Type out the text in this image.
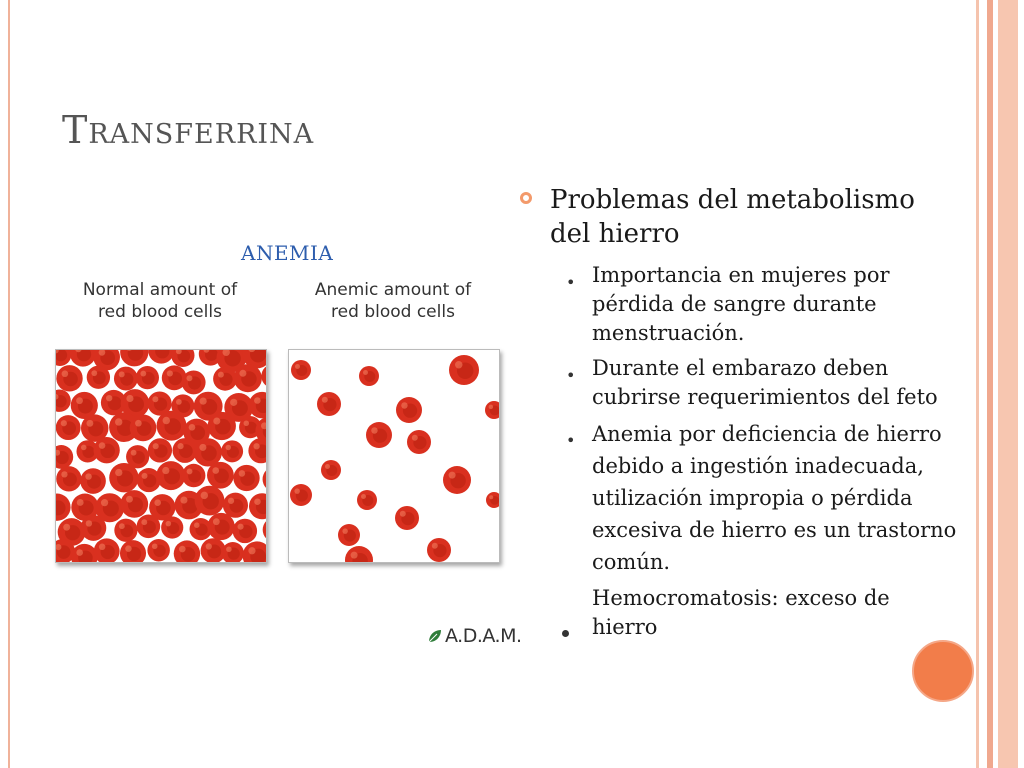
Transferrina
ANEMIA
Normal amount of
red blood cells
Anemic amount of
red blood cells
A.D.A.M.
Problemas del metabolismo del hierro
• Importancia en mujeres por pérdida de sangre durante menstruación.
• Durante el embarazo deben cubrirse requerimientos del feto
• Anemia por deficiencia de hierro debido a ingestión inadecuada, utilización impropia o pérdida excesiva de hierro es un trastorno común.
Hemocromatosis: exceso de hierro
